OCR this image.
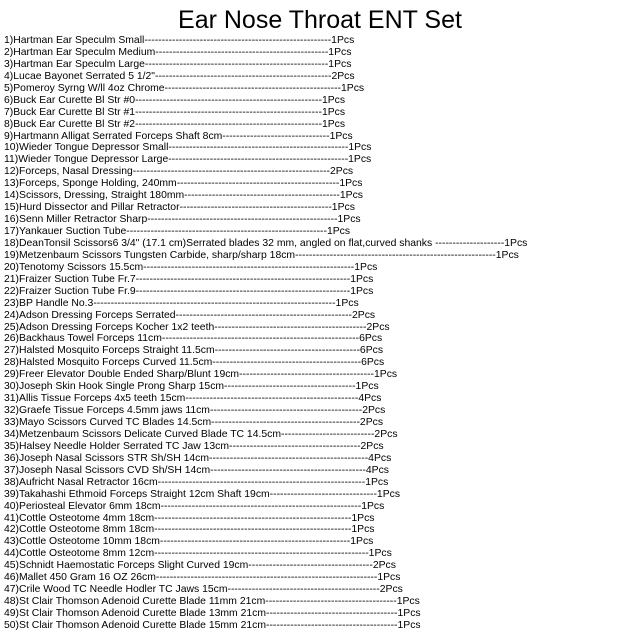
Ear Nose Throat ENT Set
1)Hartman Ear Speculm Small------------------------------------------------------1Pcs
2)Hartman Ear Speculm Medium--------------------------------------------------1Pcs
3)Hartman Ear Speculm Large-----------------------------------------------------1Pcs
4)Lucae Bayonet Serrated 5 1/2"---------------------------------------------------2Pcs
5)Pomeroy Syrng W/ll 4oz Chrome---------------------------------------------------1Pcs
6)Buck Ear Curette Bl Str #0------------------------------------------------------1Pcs
7)Buck Ear Curette Bl Str #1------------------------------------------------------1Pcs
8)Buck Ear Curette Bl Str #2------------------------------------------------------1Pcs
9)Hartmann Alligat Serrated Forceps Shaft 8cm-------------------------------1Pcs
10)Wieder Tongue Depressor Small----------------------------------------------------1Pcs
11)Wieder Tongue Depressor Large----------------------------------------------------1Pcs
12)Forceps, Nasal Dressing---------------------------------------------------------2Pcs
13)Forceps, Sponge Holding, 240mm-----------------------------------------------1Pcs
14)Scissors, Dressing, Straight 180mm---------------------------------------------1Pcs
15)Hurd Dissector and Pillar Retractor--------------------------------------------1Pcs
16)Senn Miller Retractor Sharp-------------------------------------------------------1Pcs
17)Yankauer Suction Tube----------------------------------------------------------1Pcs
18)DeanTonsil Scissors6 3/4" (17.1 cm)Serrated blades 32 mm, angled on flat,curved shanks --------------------1Pcs
19)Metzenbaum Scissors Tungsten Carbide, sharp/sharp 18cm----------------------------------------------------------1Pcs
20)Tenotomy Scissors 15.5cm-------------------------------------------------------------1Pcs
21)Fraizer Suction Tube Fr.7--------------------------------------------------------------1Pcs
22)Fraizer Suction Tube Fr.9--------------------------------------------------------------1Pcs
23)BP Handle No.3----------------------------------------------------------------------1Pcs
24)Adson Dressing Forceps Serrated---------------------------------------------------2Pcs
25)Adson Dressing Forceps Kocher 1x2 teeth--------------------------------------------2Pcs
26)Backhaus Towel Forceps 11cm---------------------------------------------------------6Pcs
27)Halsted Mosquito Forceps Straight 11.5cm------------------------------------------6Pcs
28)Halsted Mosquito Forceps Curved 11.5cm-------------------------------------------6Pcs
29)Freer Elevator Double Ended Sharp/Blunt 19cm---------------------------------------1Pcs
30)Joseph Skin Hook Single Prong Sharp 15cm--------------------------------------1Pcs
31)Allis Tissue Forceps 4x5 teeth 15cm--------------------------------------------------4Pcs
32)Graefe Tissue Forceps 4.5mm jaws 11cm--------------------------------------------2Pcs
33)Mayo Scissors Curved TC Blades 14.5cm-------------------------------------------2Pcs
34)Metzenbaum Scissors Delicate Curved Blade TC 14.5cm---------------------------2Pcs
35)Halsey Needle Holder Serrated TC Jaw 13cm--------------------------------------2Pcs
36)Joseph Nasal Scissors STR Sh/SH 14cm----------------------------------------------4Pcs
37)Joseph Nasal Scissors CVD Sh/SH 14cm---------------------------------------------4Pcs
38)Aufricht Nasal Retractor 16cm------------------------------------------------------------1Pcs
39)Takahashi Ethmoid Forceps Straight 12cm Shaft 19cm-------------------------------1Pcs
40)Periosteal Elevator 6mm 18cm----------------------------------------------------------1Pcs
41)Cottle Osteotome 4mm 18cm---------------------------------------------------------1Pcs
42)Cottle Osteotome 8mm 18cm---------------------------------------------------------1Pcs
43)Cottle Osteotome 10mm 18cm-------------------------------------------------------1Pcs
44)Cottle Osteotome 8mm 12cm--------------------------------------------------------------1Pcs
45)Schnidt Haemostatic Forceps Slight Curved 19cm------------------------------------2Pcs
46)Mallet 450 Gram 16 OZ 26cm----------------------------------------------------------------1Pcs
47)Crile Wood TC Needle Hodler TC Jaws 15cm--------------------------------------------2Pcs
48)St Clair Thomson Adenoid Curette Blade 11mm 21cm--------------------------------------1Pcs
49)St Clair Thomson Adenoid Curette Blade 13mm 21cm--------------------------------------1Pcs
50)St Clair Thomson Adenoid Curette Blade 15mm 21cm--------------------------------------1Pcs
